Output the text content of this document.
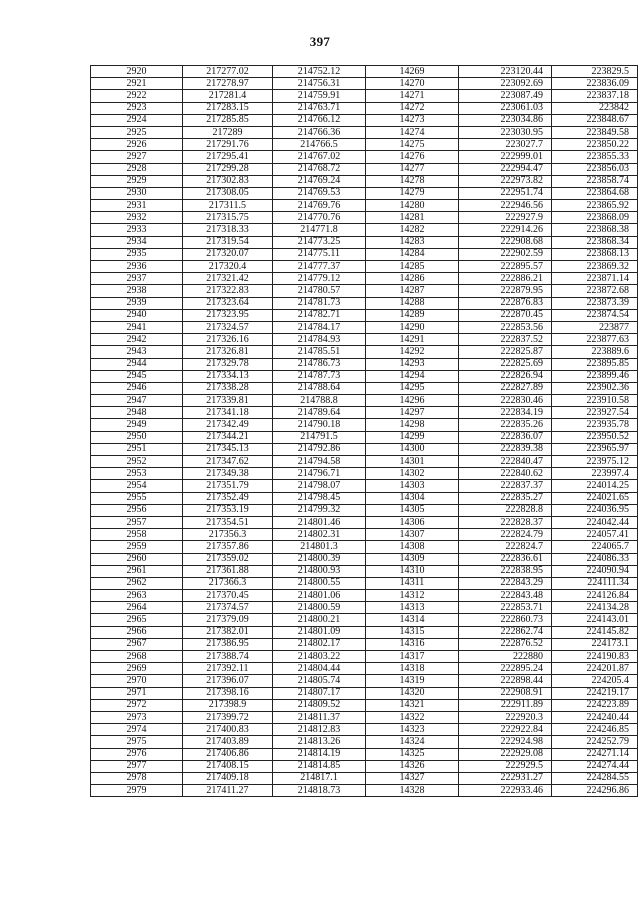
397
2920	217277.02	214752.12	14269	223120.44	223829.5
2921	217278.97	214756.31	14270	223092.69	223836.09
2922	217281.4	214759.91	14271	223087.49	223837.18
2923	217283.15	214763.71	14272	223061.03	223842
2924	217285.85	214766.12	14273	223034.86	223848.67
2925	217289	214766.36	14274	223030.95	223849.58
2926	217291.76	214766.5	14275	223027.7	223850.22
2927	217295.41	214767.02	14276	222999.01	223855.33
2928	217299.28	214768.72	14277	222994.47	223856.03
2929	217302.83	214769.24	14278	222973.82	223858.74
2930	217308.05	214769.53	14279	222951.74	223864.68
2931	217311.5	214769.76	14280	222946.56	223865.92
2932	217315.75	214770.76	14281	222927.9	223868.09
2933	217318.33	214771.8	14282	222914.26	223868.38
2934	217319.54	214773.25	14283	222908.68	223868.34
2935	217320.07	214775.11	14284	222902.59	223868.13
2936	217320.4	214777.37	14285	222895.57	223869.32
2937	217321.42	214779.12	14286	222886.21	223871.14
2938	217322.83	214780.57	14287	222879.95	223872.68
2939	217323.64	214781.73	14288	222876.83	223873.39
2940	217323.95	214782.71	14289	222870.45	223874.54
2941	217324.57	214784.17	14290	222853.56	223877
2942	217326.16	214784.93	14291	222837.52	223877.63
2943	217326.81	214785.51	14292	222825.87	223889.6
2944	217329.78	214786.73	14293	222825.69	223895.85
2945	217334.13	214787.73	14294	222826.94	223899.46
2946	217338.28	214788.64	14295	222827.89	223902.36
2947	217339.81	214788.8	14296	222830.46	223910.58
2948	217341.18	214789.64	14297	222834.19	223927.54
2949	217342.49	214790.18	14298	222835.26	223935.78
2950	217344.21	214791.5	14299	222836.07	223950.52
2951	217345.13	214792.86	14300	222839.38	223965.97
2952	217347.62	214794.58	14301	222840.47	223975.12
2953	217349.38	214796.71	14302	222840.62	223997.4
2954	217351.79	214798.07	14303	222837.37	224014.25
2955	217352.49	214798.45	14304	222835.27	224021.65
2956	217353.19	214799.32	14305	222828.8	224036.95
2957	217354.51	214801.46	14306	222828.37	224042.44
2958	217356.3	214802.31	14307	222824.79	224057.41
2959	217357.86	214801.3	14308	222824.7	224065.7
2960	217359.02	214800.39	14309	222836.61	224086.33
2961	217361.88	214800.93	14310	222838.95	224090.94
2962	217366.3	214800.55	14311	222843.29	224111.34
2963	217370.45	214801.06	14312	222843.48	224126.84
2964	217374.57	214800.59	14313	222853.71	224134.28
2965	217379.09	214800.21	14314	222860.73	224143.01
2966	217382.01	214801.09	14315	222862.74	224145.82
2967	217386.95	214802.17	14316	222876.52	224173.1
2968	217388.74	214803.22	14317	222880	224190.83
2969	217392.11	214804.44	14318	222895.24	224201.87
2970	217396.07	214805.74	14319	222898.44	224205.4
2971	217398.16	214807.17	14320	222908.91	224219.17
2972	217398.9	214809.52	14321	222911.89	224223.89
2973	217399.72	214811.37	14322	222920.3	224240.44
2974	217400.83	214812.83	14323	222922.84	224246.85
2975	217403.89	214813.26	14324	222924.98	224252.79
2976	217406.86	214814.19	14325	222929.08	224271.14
2977	217408.15	214814.85	14326	222929.5	224274.44
2978	217409.18	214817.1	14327	222931.27	224284.55
2979	217411.27	214818.73	14328	222933.46	224296.86
